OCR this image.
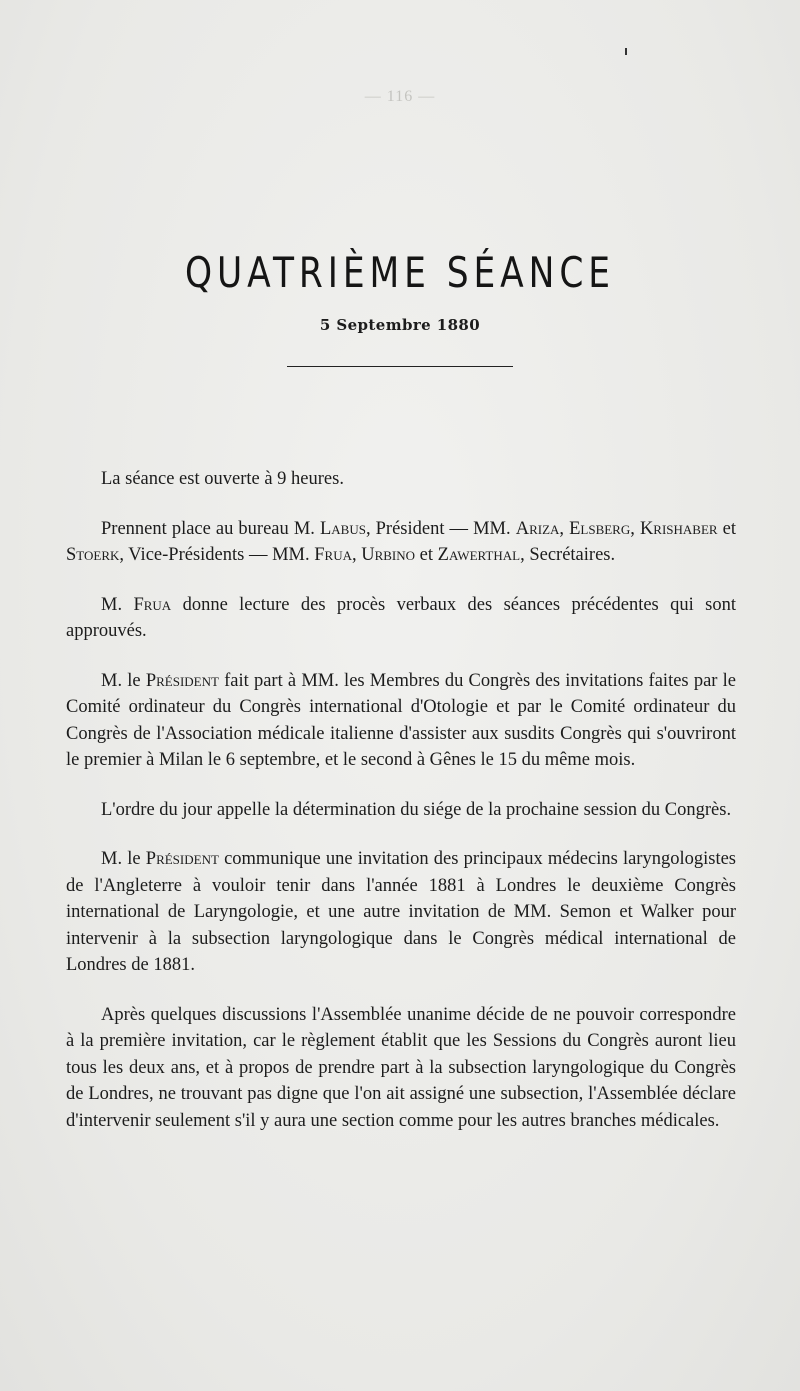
— 116 —
QUATRIÈME SÉANCE
5 Septembre 1880

La séance est ouverte à 9 heures.

Prennent place au bureau M. Labus, Président — MM. Ariza, Elsberg, Krishaber et Stoerk, Vice-Présidents — MM. Frua, Urbino et Zawerthal, Secrétaires.

M. Frua donne lecture des procès verbaux des séances précédentes qui sont approuvés.

M. le Président fait part à MM. les Membres du Congrès des invitations faites par le Comité ordinateur du Congrès international d'Otologie et par le Comité ordinateur du Congrès de l'Association médicale italienne d'assister aux susdits Congrès qui s'ouvriront le premier à Milan le 6 septembre, et le second à Gênes le 15 du même mois.

L'ordre du jour appelle la détermination du siége de la prochaine session du Congrès.

M. le Président communique une invitation des principaux médecins laryngologistes de l'Angleterre à vouloir tenir dans l'année 1881 à Londres le deuxième Congrès international de Laryngologie, et une autre invitation de MM. Semon et Walker pour intervenir à la subsection laryngologique dans le Congrès médical international de Londres de 1881.

Après quelques discussions l'Assemblée unanime décide de ne pouvoir correspondre à la première invitation, car le règlement établit que les Sessions du Congrès auront lieu tous les deux ans, et à propos de prendre part à la subsection laryngologique du Congrès de Londres, ne trouvant pas digne que l'on ait assigné une subsection, l'Assemblée déclare d'intervenir seulement s'il y aura une section comme pour les autres branches médicales.
